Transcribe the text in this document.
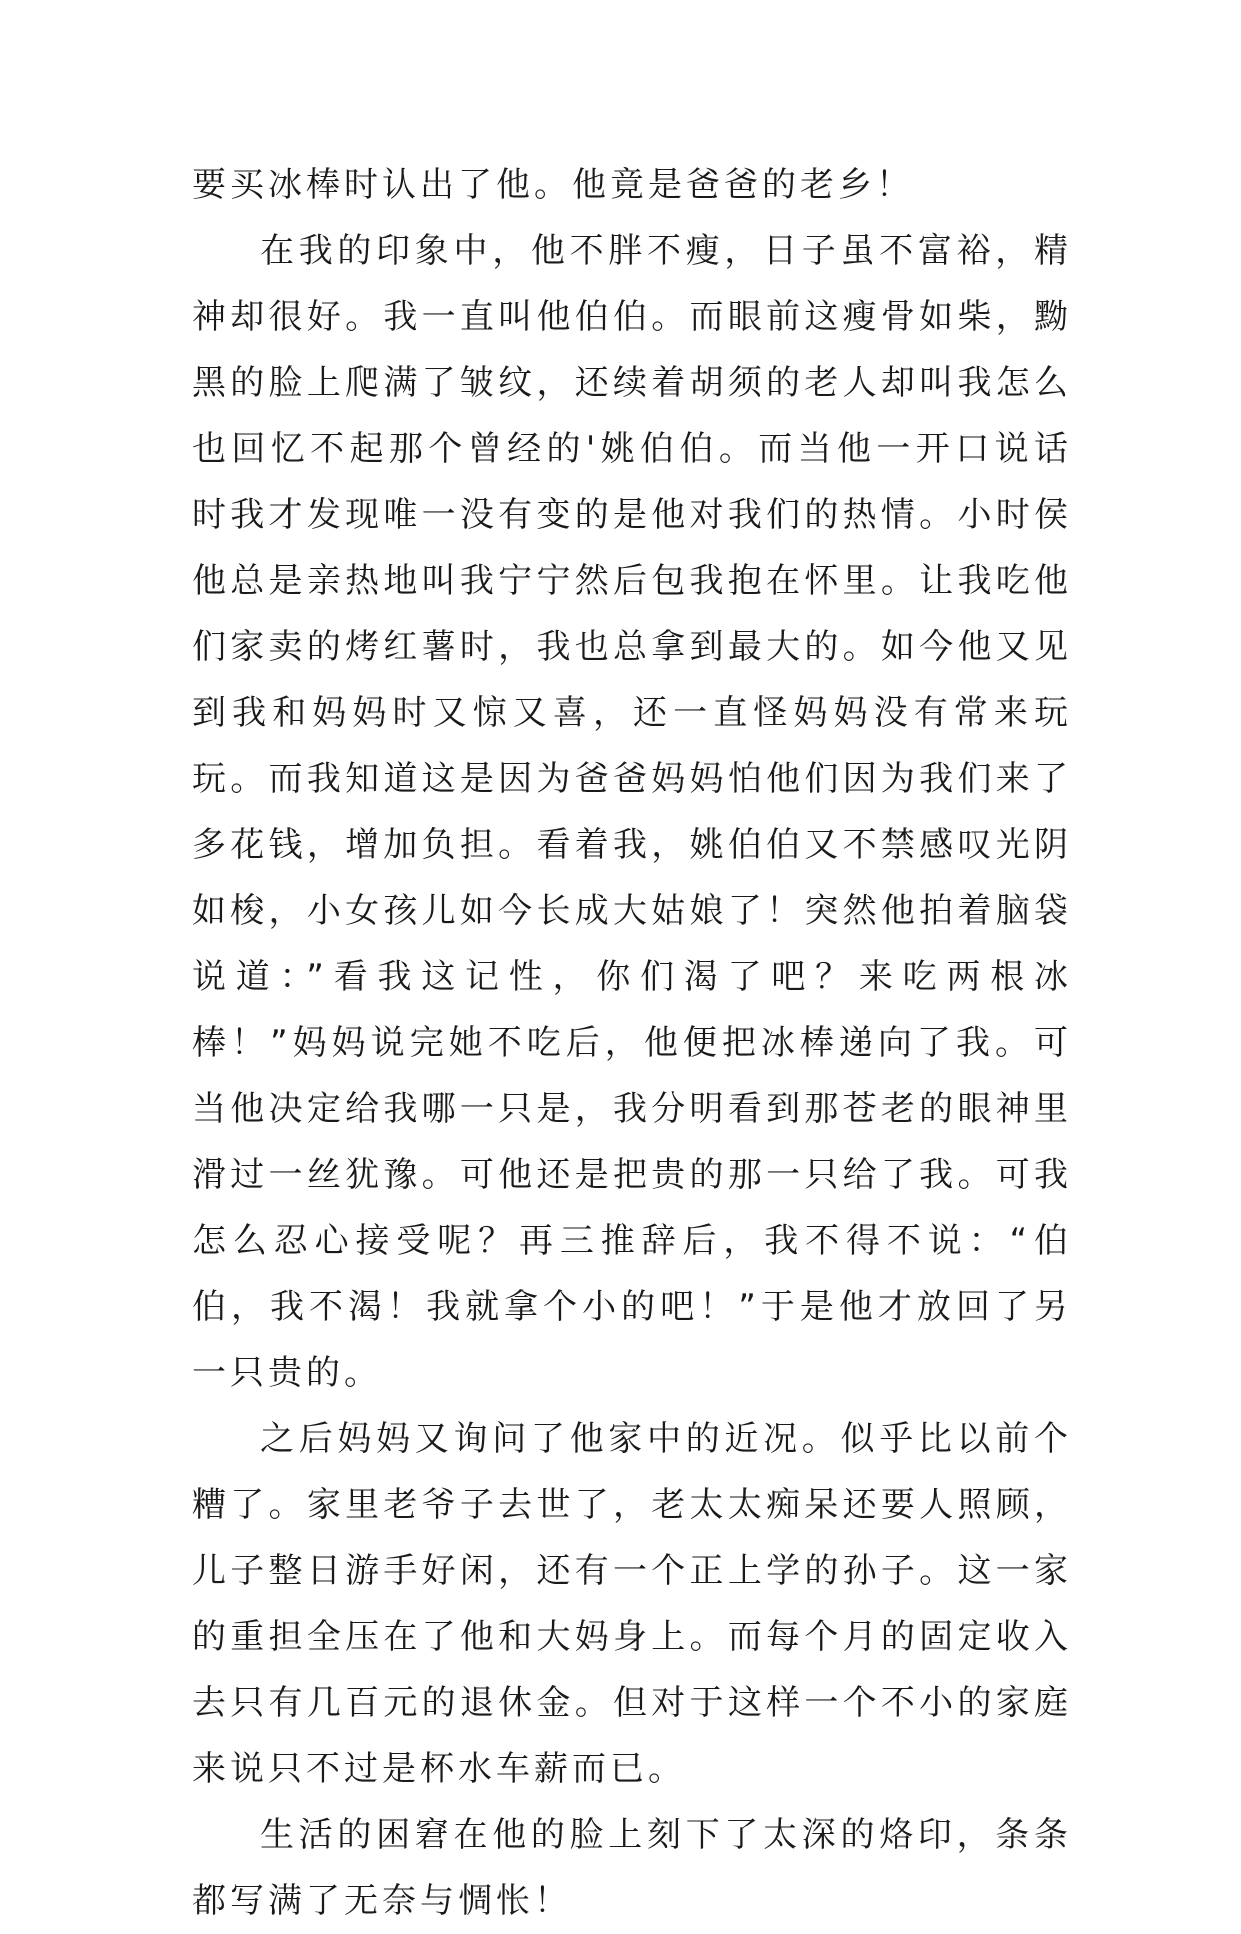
要买冰棒时认出了他。他竟是爸爸的老乡！

在我的印象中，他不胖不瘦，日子虽不富裕，精神却很好。我一直叫他伯伯。而眼前这瘦骨如柴，黝黑的脸上爬满了皱纹，还续着胡须的老人却叫我怎么也回忆不起那个曾经的'姚伯伯。而当他一开口说话时我才发现唯一没有变的是他对我们的热情。小时侯他总是亲热地叫我宁宁然后包我抱在怀里。让我吃他们家卖的烤红薯时，我也总拿到最大的。如今他又见到我和妈妈时又惊又喜，还一直怪妈妈没有常来玩玩。而我知道这是因为爸爸妈妈怕他们因为我们来了多花钱，增加负担。看着我，姚伯伯又不禁感叹光阴如梭，小女孩儿如今长成大姑娘了！突然他拍着脑袋说道：”看我这记性，你们渴了吧？来吃两根冰棒！”妈妈说完她不吃后，他便把冰棒递向了我。可当他决定给我哪一只是，我分明看到那苍老的眼神里滑过一丝犹豫。可他还是把贵的那一只给了我。可我怎么忍心接受呢？再三推辞后，我不得不说：“伯伯，我不渴！我就拿个小的吧！”于是他才放回了另一只贵的。

之后妈妈又询问了他家中的近况。似乎比以前个糟了。家里老爷子去世了，老太太痴呆还要人照顾，儿子整日游手好闲，还有一个正上学的孙子。这一家的重担全压在了他和大妈身上。而每个月的固定收入去只有几百元的退休金。但对于这样一个不小的家庭来说只不过是杯水车薪而已。

生活的困窘在他的脸上刻下了太深的烙印，条条都写满了无奈与惆怅！
